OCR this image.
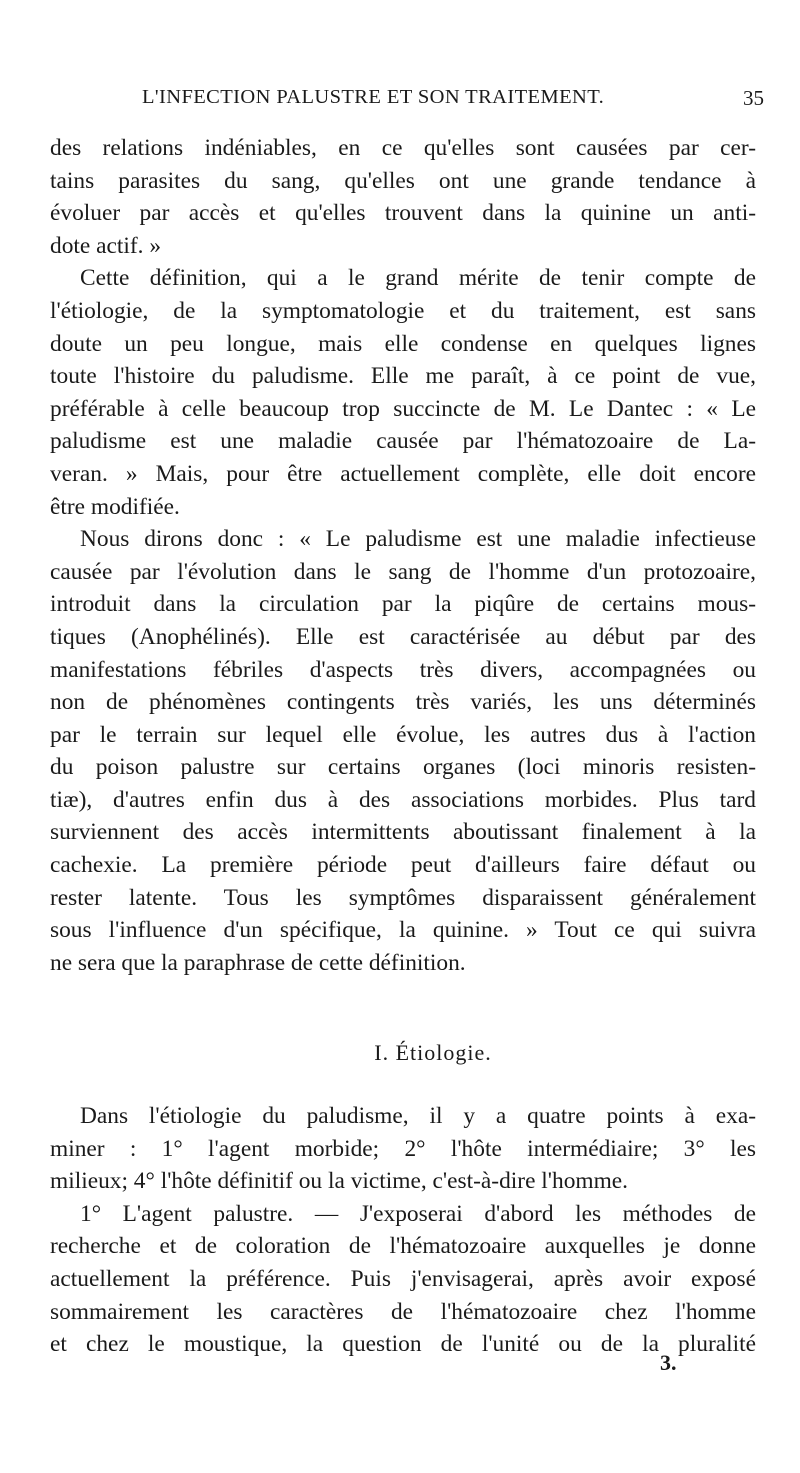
L'INFECTION PALUSTRE ET SON TRAITEMENT.	35
des relations indéniables, en ce qu'elles sont causées par cer-
tains parasites du sang, qu'elles ont une grande tendance à
évoluer par accès et qu'elles trouvent dans la quinine un anti-
dote actif. »
Cette définition, qui a le grand mérite de tenir compte de
l'étiologie, de la symptomatologie et du traitement, est sans
doute un peu longue, mais elle condense en quelques lignes
toute l'histoire du paludisme. Elle me paraît, à ce point de vue,
préférable à celle beaucoup trop succincte de M. Le Dantec : « Le
paludisme est une maladie causée par l'hématozoaire de La-
veran. » Mais, pour être actuellement complète, elle doit encore
être modifiée.
Nous dirons donc : « Le paludisme est une maladie infectieuse
causée par l'évolution dans le sang de l'homme d'un protozoaire,
introduit dans la circulation par la piqûre de certains mous-
tiques (Anophélinés). Elle est caractérisée au début par des
manifestations fébriles d'aspects très divers, accompagnées ou
non de phénomènes contingents très variés, les uns déterminés
par le terrain sur lequel elle évolue, les autres dus à l'action
du poison palustre sur certains organes (loci minoris resisten-
tiæ), d'autres enfin dus à des associations morbides. Plus tard
surviennent des accès intermittents aboutissant finalement à la
cachexie. La première période peut d'ailleurs faire défaut ou
rester latente. Tous les symptômes disparaissent généralement
sous l'influence d'un spécifique, la quinine. » Tout ce qui suivra
ne sera que la paraphrase de cette définition.
I. Étiologie.
Dans l'étiologie du paludisme, il y a quatre points à exa-
miner : 1° l'agent morbide; 2° l'hôte intermédiaire; 3° les
milieux; 4° l'hôte définitif ou la victime, c'est-à-dire l'homme.
1° L'agent palustre. — J'exposerai d'abord les méthodes de
recherche et de coloration de l'hématozoaire auxquelles je donne
actuellement la préférence. Puis j'envisagerai, après avoir exposé
sommairement les caractères de l'hématozoaire chez l'homme
et chez le moustique, la question de l'unité ou de la pluralité
3.
